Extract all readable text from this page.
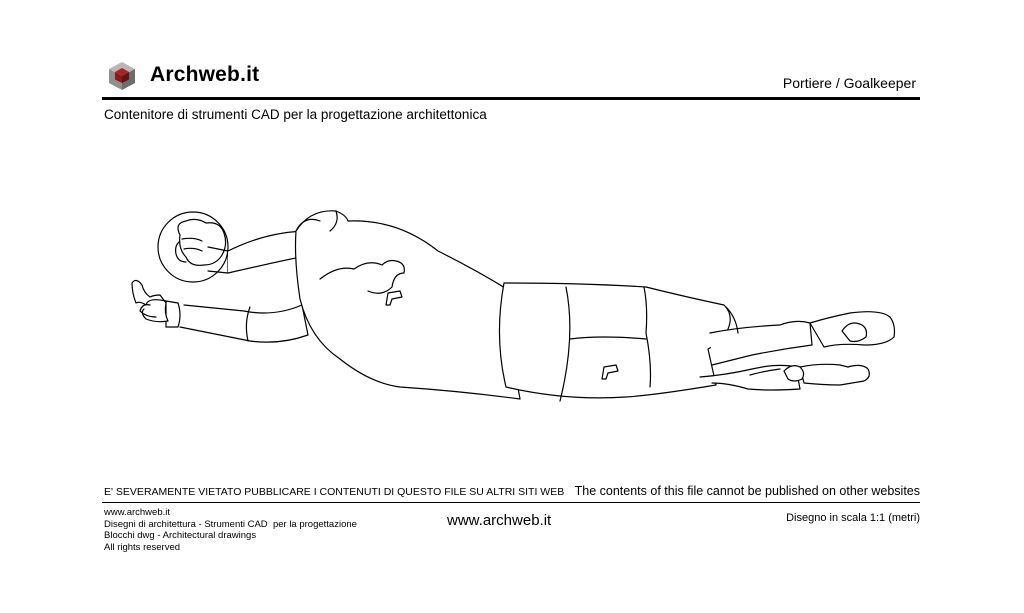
Archweb.it	Portiere / Goalkeeper
Contenitore di strumenti CAD per la progettazione architettonica
E' SEVERAMENTE VIETATO PUBBLICARE I CONTENUTI DI QUESTO FILE SU ALTRI SITI WEB The contents of this file cannot be published on other websites
www.archweb.it
Disegni di architettura - Strumenti CAD  per la progettazione
Blocchi dwg - Architectural drawings
All rights reserved
www.archweb.it	Disegno in scala 1:1 (metri)
